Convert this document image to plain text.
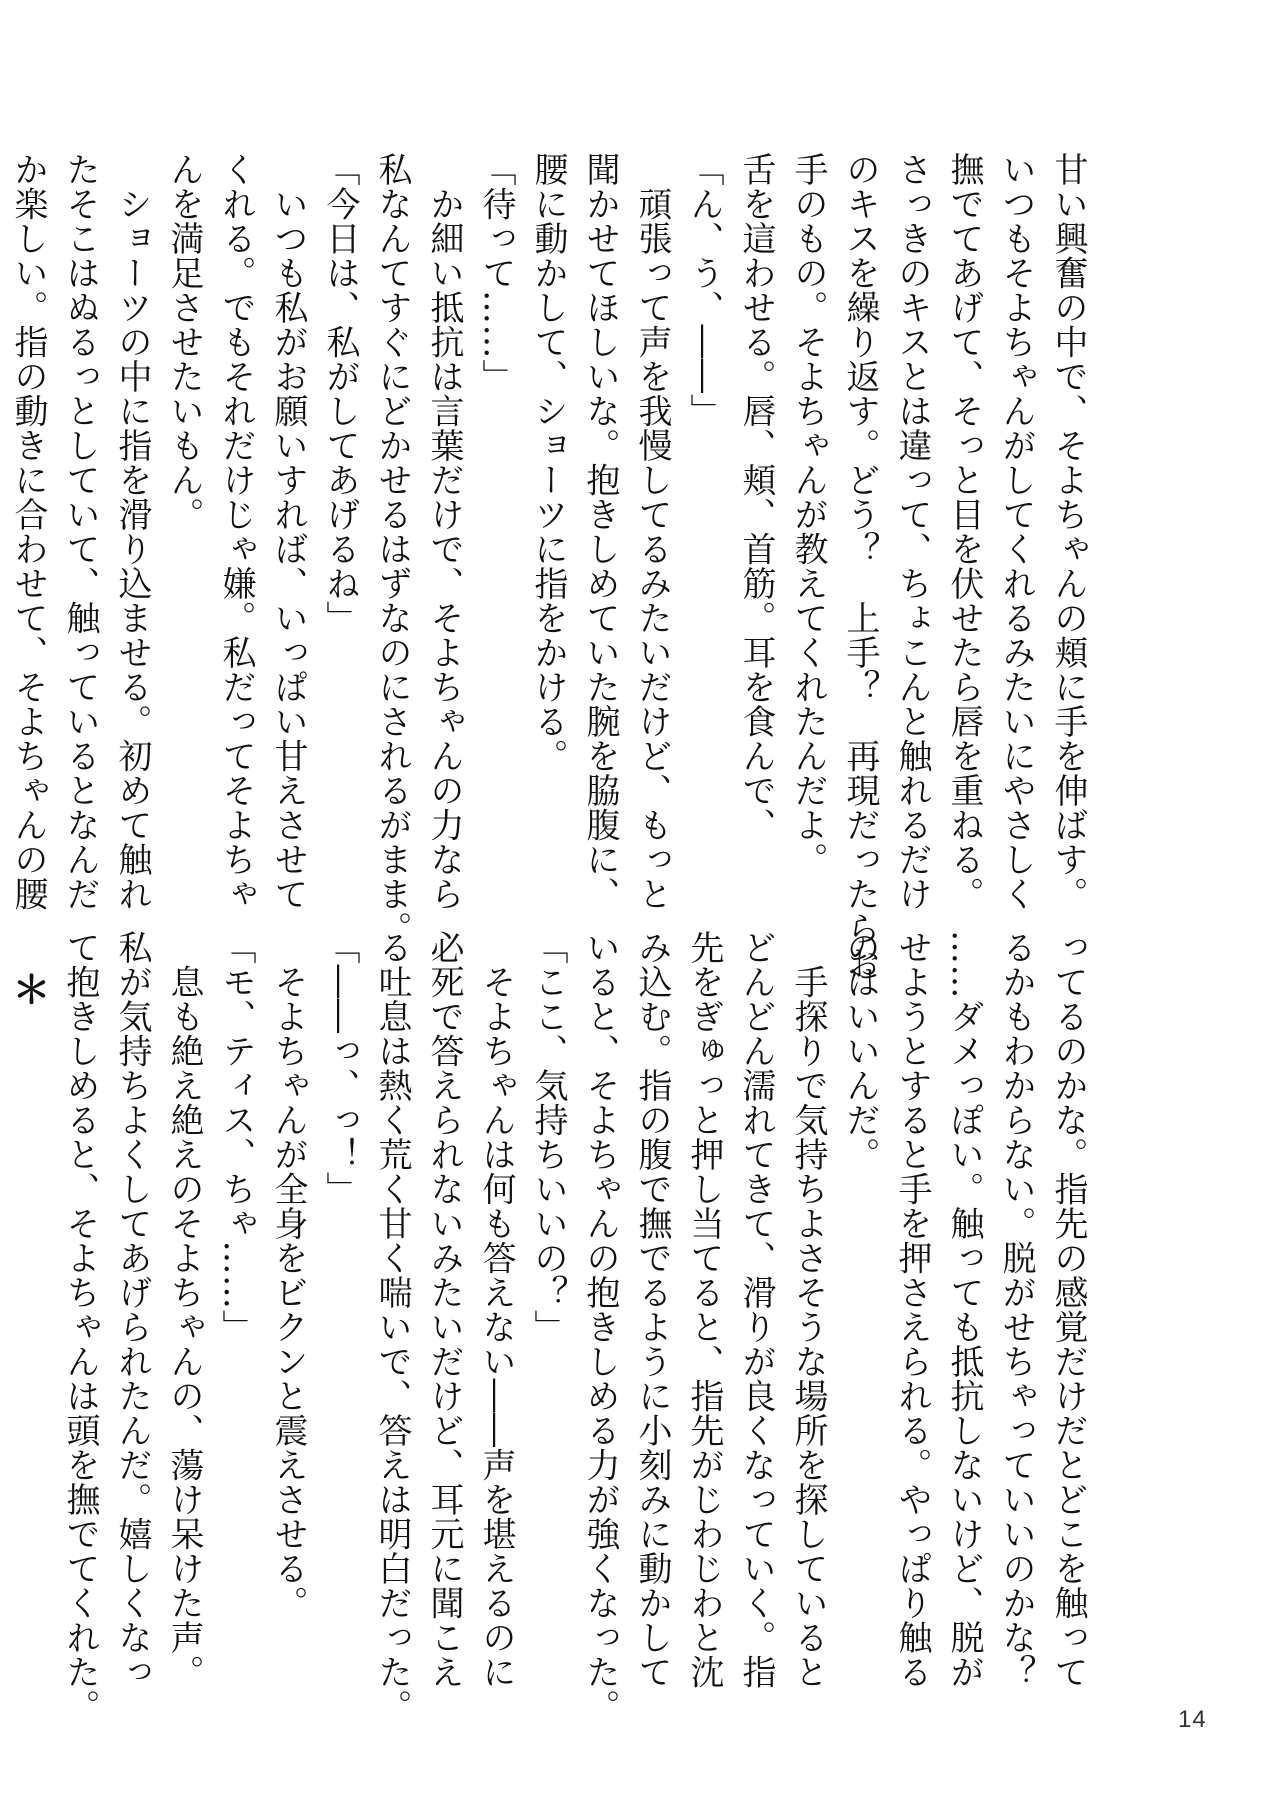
甘い興奮の中で、そよちゃんの頬に手を伸ばす。
いつもそよちゃんがしてくれるみたいにやさしく
撫でてあげて、そっと目を伏せたら唇を重ねる。
さっきのキスとは違って、ちょこんと触れるだけ
のキスを繰り返す。どう？　上手？　再現だったらお
手のもの。そよちゃんが教えてくれたんだよ。
舌を這わせる。唇、頬、首筋。耳を食んで、
「ん、う、――」
　頑張って声を我慢してるみたいだけど、もっと
聞かせてほしいな。抱きしめていた腕を脇腹に、
腰に動かして、ショーツに指をかける。
「待って……」
　か細い抵抗は言葉だけで、そよちゃんの力なら
私なんてすぐにどかせるはずなのにされるがまま。
「今日は、私がしてあげるね」
　いつも私がお願いすれば、いっぱい甘えさせて
くれる。でもそれだけじゃ嫌。私だってそよちゃ
んを満足させたいもん。
　ショーツの中に指を滑り込ませる。初めて触れ
たそこはぬるっとしていて、触っているとなんだ
か楽しい。指の動きに合わせて、そよちゃんの腰
ってるのかな。指先の感覚だけだとどこを触って
るかもわからない。脱がせちゃっていいのかな？
……ダメっぽい。触っても抵抗しないけど、脱が
せようとすると手を押さえられる。やっぱり触る
のはいいんだ。
　手探りで気持ちよさそうな場所を探していると
どんどん濡れてきて、滑りが良くなっていく。指
先をぎゅっと押し当てると、指先がじわじわと沈
み込む。指の腹で撫でるように小刻みに動かして
いると、そよちゃんの抱きしめる力が強くなった。
「ここ、気持ちいいの？」
　そよちゃんは何も答えない――声を堪えるのに
必死で答えられないみたいだけど、耳元に聞こえ
る吐息は熱く荒く甘く喘いで、答えは明白だった。
「――っ、っ！」
　そよちゃんが全身をビクンと震えさせる。
「モ、ティス、ちゃ……」
　息も絶え絶えのそよちゃんの、蕩け呆けた声。
私が気持ちよくしてあげられたんだ。嬉しくなっ
て抱きしめると、そよちゃんは頭を撫でてくれた。
＊
14
